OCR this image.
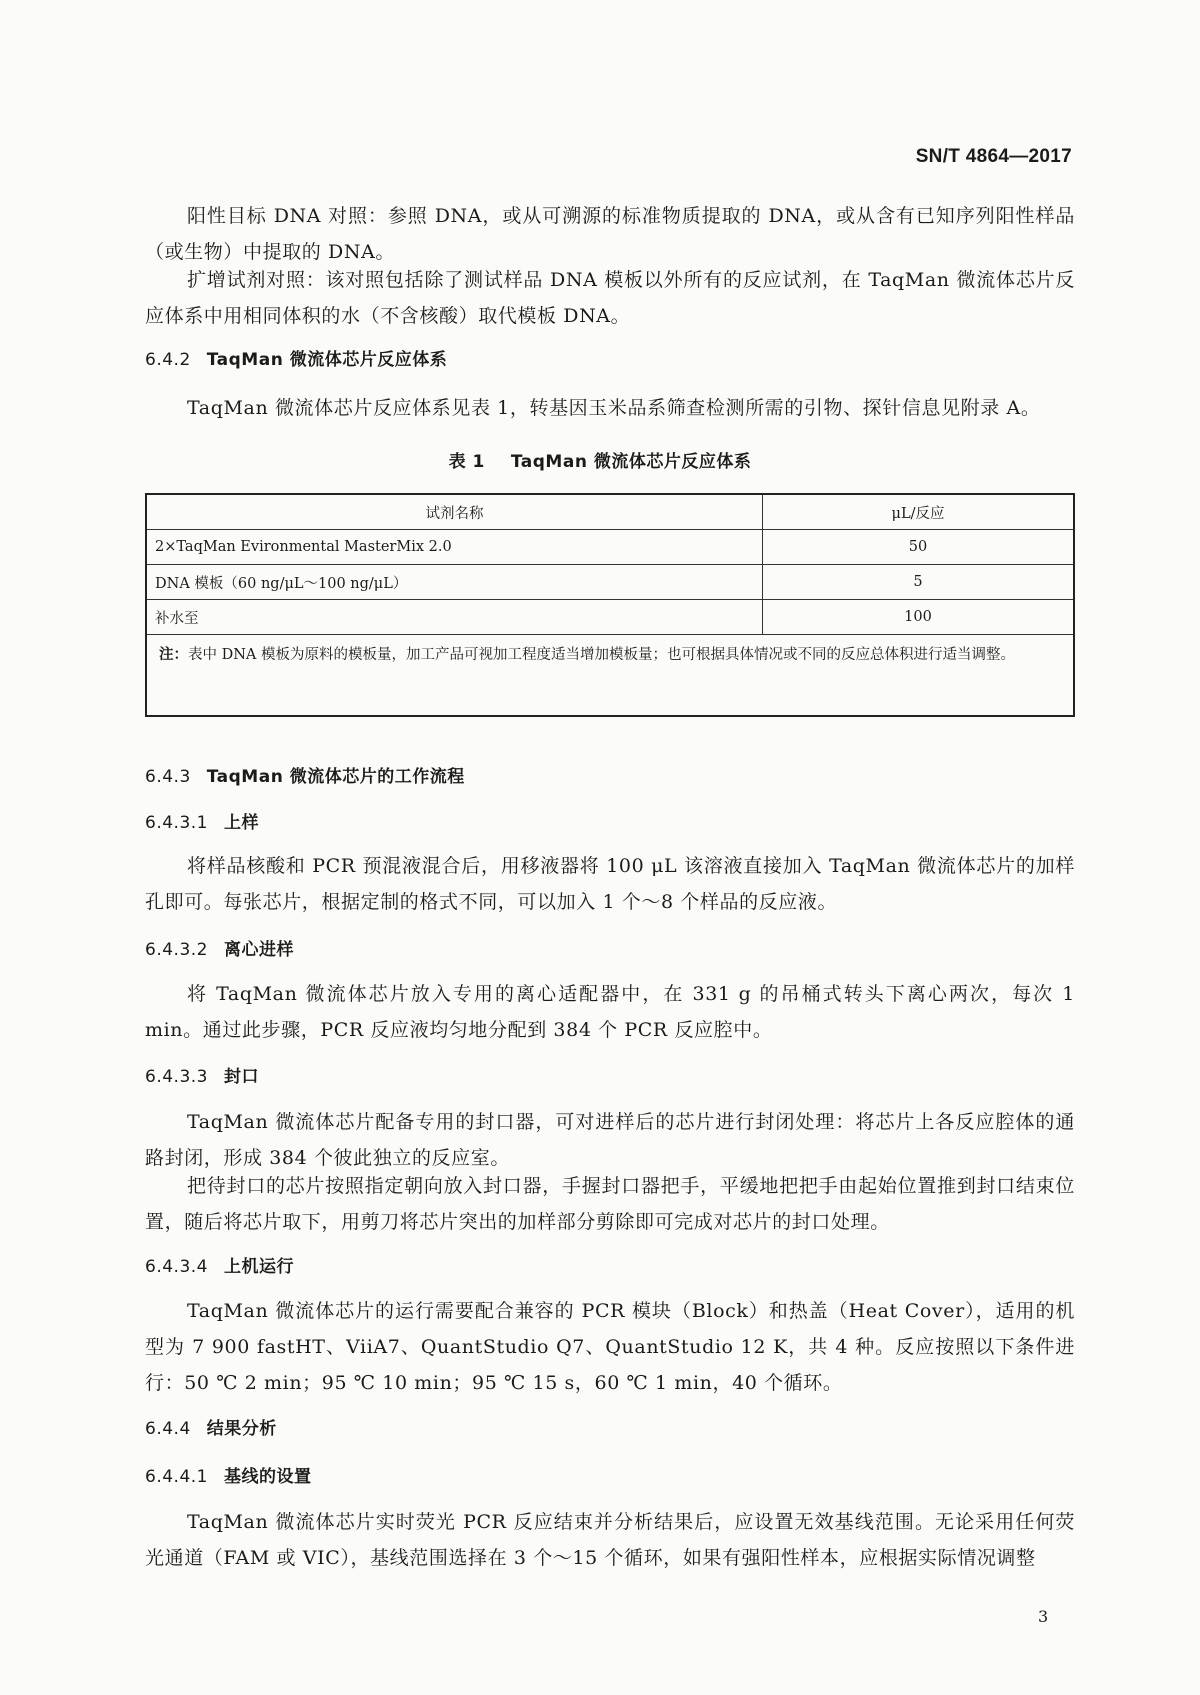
SN/T 4864—2017

阳性目标 DNA 对照：参照 DNA，或从可溯源的标准物质提取的 DNA，或从含有已知序列阳性样品（或生物）中提取的 DNA。

扩增试剂对照：该对照包括除了测试样品 DNA 模板以外所有的反应试剂，在 TaqMan 微流体芯片反应体系中用相同体积的水（不含核酸）取代模板 DNA。

6.4.2 TaqMan 微流体芯片反应体系

TaqMan 微流体芯片反应体系见表 1，转基因玉米品系筛查检测所需的引物、探针信息见附录 A。

表 1 TaqMan 微流体芯片反应体系
试剂名称	μL/反应
2×TaqMan Evironmental MasterMix 2.0	50
DNA 模板（60 ng/μL～100 ng/μL）	5
补水至	100

注： 表中 DNA 模板为原料的模板量，加工产品可视加工程度适当增加模板量；也可根据具体情况或不同的反应总体积进行适当调整。	
6.4.3 TaqMan 微流体芯片的工作流程
6.4.3.1 上样

将样品核酸和 PCR 预混液混合后，用移液器将 100 μL 该溶液直接加入 TaqMan 微流体芯片的加样孔即可。每张芯片，根据定制的格式不同，可以加入 1 个～8 个样品的反应液。

6.4.3.2 离心进样

将 TaqMan 微流体芯片放入专用的离心适配器中，在 331 g 的吊桶式转头下离心两次，每次 1 min。通过此步骤，PCR 反应液均匀地分配到 384 个 PCR 反应腔中。

6.4.3.3 封口

TaqMan 微流体芯片配备专用的封口器，可对进样后的芯片进行封闭处理：将芯片上各反应腔体的通路封闭，形成 384 个彼此独立的反应室。

把待封口的芯片按照指定朝向放入封口器，手握封口器把手，平缓地把把手由起始位置推到封口结束位置，随后将芯片取下，用剪刀将芯片突出的加样部分剪除即可完成对芯片的封口处理。

6.4.3.4 上机运行

TaqMan 微流体芯片的运行需要配合兼容的 PCR 模块（Block）和热盖（Heat Cover），适用的机型为 7 900 fastHT、ViiA7、QuantStudio Q7、QuantStudio 12 K，共 4 种。反应按照以下条件进行：50 ℃ 2 min；95 ℃ 10 min；95 ℃ 15 s，60 ℃ 1 min，40 个循环。

6.4.4 结果分析
6.4.4.1 基线的设置

TaqMan 微流体芯片实时荧光 PCR 反应结束并分析结果后，应设置无效基线范围。无论采用任何荧光通道（FAM 或 VIC），基线范围选择在 3 个～15 个循环，如果有强阳性样本，应根据实际情况调整

3
